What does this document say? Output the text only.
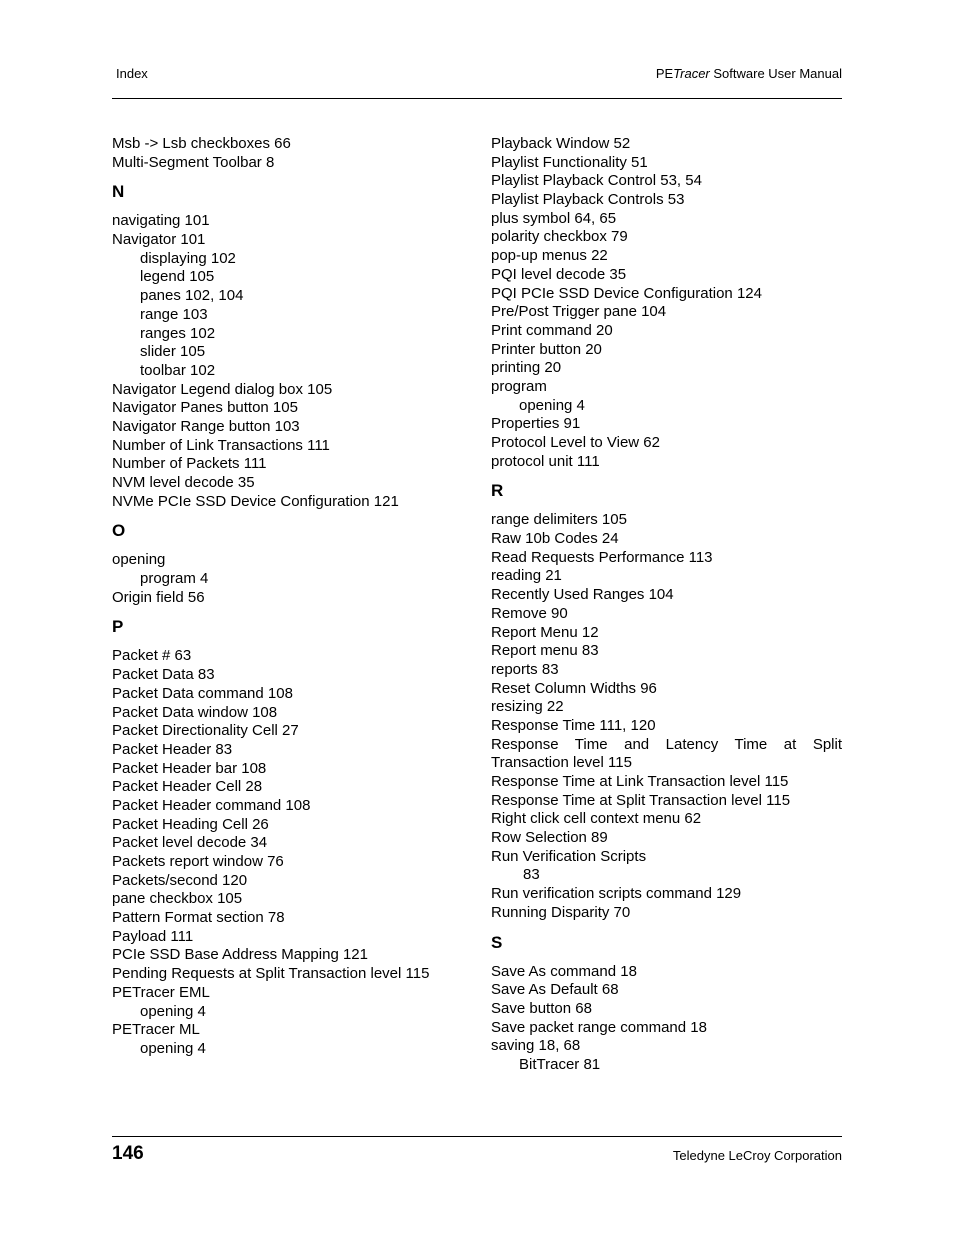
Index	PETracer Software User Manual
Msb -> Lsb checkboxes 66
Multi-Segment Toolbar 8
N
navigating 101
Navigator 101
displaying 102
legend 105
panes 102, 104
range 103
ranges 102
slider 105
toolbar 102
Navigator Legend dialog box 105
Navigator Panes button 105
Navigator Range button 103
Number of Link Transactions 111
Number of Packets 111
NVM level decode 35
NVMe PCIe SSD Device Configuration 121
O
opening
program 4
Origin field 56
P
Packet # 63
Packet Data 83
Packet Data command 108
Packet Data window 108
Packet Directionality Cell 27
Packet Header 83
Packet Header bar 108
Packet Header Cell 28
Packet Header command 108
Packet Heading Cell 26
Packet level decode 34
Packets report window 76
Packets/second 120
pane checkbox 105
Pattern Format section 78
Payload 111
PCIe SSD Base Address Mapping 121
Pending Requests at Split Transaction level 115
PETracer EML
opening 4
PETracer ML
opening 4
Playback Window 52
Playlist Functionality 51
Playlist Playback Control 53, 54
Playlist Playback Controls 53
plus symbol 64, 65
polarity checkbox 79
pop-up menus 22
PQI level decode 35
PQI PCIe SSD Device Configuration 124
Pre/Post Trigger pane 104
Print command 20
Printer button 20
printing 20
program
opening 4
Properties 91
Protocol Level to View 62
protocol unit 111
R
range delimiters 105
Raw 10b Codes 24
Read Requests Performance 113
reading 21
Recently Used Ranges 104
Remove 90
Report Menu 12
Report menu 83
reports 83
Reset Column Widths 96
resizing 22
Response Time 111, 120
Response Time and Latency Time at Split
Transaction level 115
Response Time at Link Transaction level 115
Response Time at Split Transaction level 115
Right click cell context menu 62
Row Selection 89
Run Verification Scripts
83
Run verification scripts command 129
Running Disparity 70
S
Save As command 18
Save As Default 68
Save button 68
Save packet range command 18
saving 18, 68
BitTracer 81
146	Teledyne LeCroy Corporation
